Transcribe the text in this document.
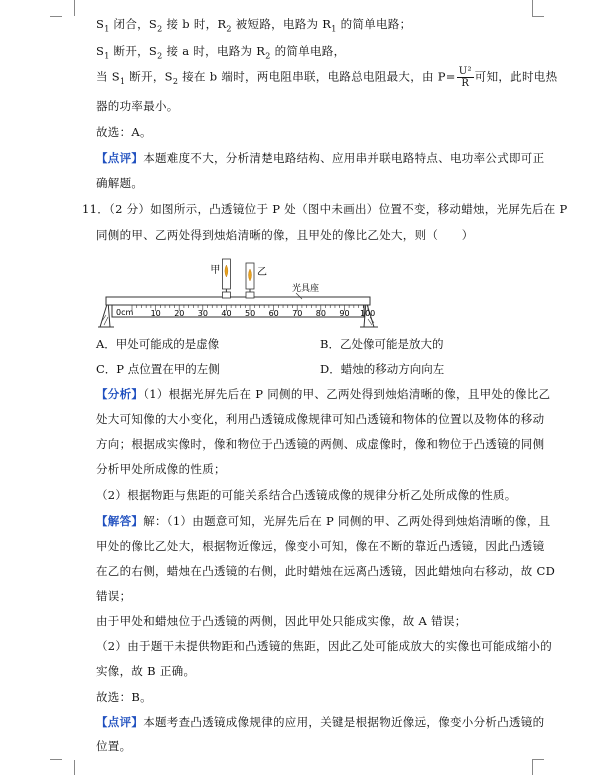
$S_1$ 闭合，$S_2$ 接 b 时，$R_2$ 被短路，电路为 $R_1$ 的简单电路；
$S_1$ 断开，$S_2$ 接 a 时，电路为 $R_2$ 的简单电路，
当 $S_1$ 断开，$S_2$ 接在 b 端时，两电阻串联，电路总电阻最大，由 $P= \frac{\text{U²}}{R}$ 可知，此时电热
器的功率最小。
故选：A。
【点评】本题难度不大，分析清楚电路结构、应用串并联电路特点、电功率公式即可正
确解题。
11．（2 分）如图所示，凸透镜位于 P 处（图中未画出）位置不变，移动蜡烛，光屏先后在 P
同侧的甲、乙两处得到烛焰清晰的像，且甲处的像比乙处大，则（　　）
10 20 30 40 50 60 70 80 90 100
0cm
光具座
甲	乙
A．甲处可能成的是虚像	B．乙处像可能是放大的
C．P 点位置在甲的左侧	D．蜡烛的移动方向向左
【分析】（1）根据光屏先后在 P 同侧的甲、乙两处得到烛焰清晰的像，且甲处的像比乙
处大可知像的大小变化，利用凸透镜成像规律可知凸透镜和物体的位置以及物体的移动
方向；根据成实像时，像和物位于凸透镜的两侧、成虚像时，像和物位于凸透镜的同侧
分析甲处所成像的性质；
（2）根据物距与焦距的可能关系结合凸透镜成像的规律分析乙处所成像的性质。
【解答】解：（1）由题意可知，光屏先后在 P 同侧的甲、乙两处得到烛焰清晰的像，且
甲处的像比乙处大，根据物近像远，像变小可知，像在不断的靠近凸透镜，因此凸透镜
在乙的右侧，蜡烛在凸透镜的右侧，此时蜡烛在远离凸透镜，因此蜡烛向右移动，故 CD
错误；
由于甲处和蜡烛位于凸透镜的两侧，因此甲处只能成实像，故 A 错误；
（2）由于题干未提供物距和凸透镜的焦距，因此乙处可能成放大的实像也可能成缩小的
实像，故 B 正确。
故选：B。
【点评】本题考查凸透镜成像规律的应用，关键是根据物近像远，像变小分析凸透镜的
位置。
